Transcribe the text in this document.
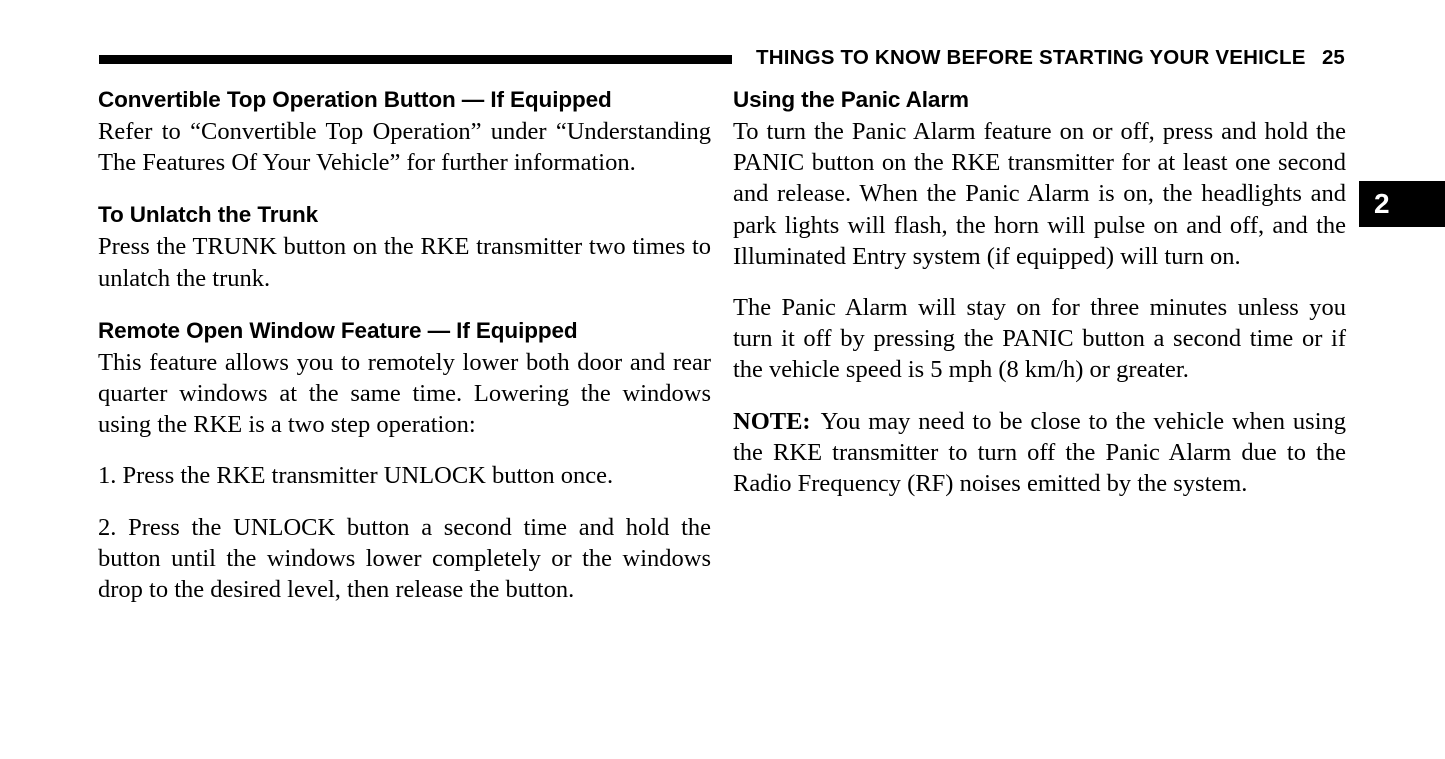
THINGS TO KNOW BEFORE STARTING YOUR VEHICLE 25
2
Convertible Top Operation Button — If Equipped

Refer to “Convertible Top Operation” under “Understanding The Features Of Your Vehicle” for further information.

To Unlatch the Trunk

Press the TRUNK button on the RKE transmitter two times to unlatch the trunk.

Remote Open Window Feature — If Equipped

This feature allows you to remotely lower both door and rear quarter windows at the same time. Lowering the windows using the RKE is a two step operation:

1. Press the RKE transmitter UNLOCK button once.

2. Press the UNLOCK button a second time and hold the button until the windows lower completely or the windows drop to the desired level, then release the button.

Using the Panic Alarm

To turn the Panic Alarm feature on or off, press and hold the PANIC button on the RKE transmitter for at least one second and release. When the Panic Alarm is on, the headlights and park lights will flash, the horn will pulse on and off, and the Illuminated Entry system (if equipped) will turn on.

The Panic Alarm will stay on for three minutes unless you turn it off by pressing the PANIC button a second time or if the vehicle speed is 5 mph (8 km/h) or greater.

NOTE: You may need to be close to the vehicle when using the RKE transmitter to turn off the Panic Alarm due to the Radio Frequency (RF) noises emitted by the system.
